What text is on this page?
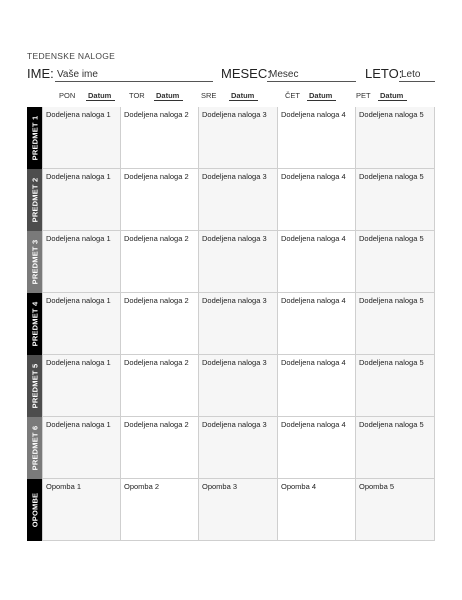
TEDENSKE NALOGE
IME: Vaše ime	MESEC:
Mesec	LETO:
Leto
PON Datum	TOR Datum	SRE Datum	ČET Datum	PET Datum
PREDMET 1
Dodeljena naloga 1 Dodeljena naloga 2 Dodeljena naloga 3 Dodeljena naloga 4 Dodeljena naloga 5
PREDMET 2
Dodeljena naloga 1 Dodeljena naloga 2 Dodeljena naloga 3 Dodeljena naloga 4 Dodeljena naloga 5
PREDMET 3
Dodeljena naloga 1 Dodeljena naloga 2 Dodeljena naloga 3 Dodeljena naloga 4 Dodeljena naloga 5
PREDMET 4
Dodeljena naloga 1 Dodeljena naloga 2 Dodeljena naloga 3 Dodeljena naloga 4 Dodeljena naloga 5
PREDMET 5
Dodeljena naloga 1 Dodeljena naloga 2 Dodeljena naloga 3 Dodeljena naloga 4 Dodeljena naloga 5
PREDMET 6
Dodeljena naloga 1 Dodeljena naloga 2 Dodeljena naloga 3 Dodeljena naloga 4 Dodeljena naloga 5
OPOMBE
Opomba 1	Opomba 2	Opomba 3	Opomba 4	Opomba 5
